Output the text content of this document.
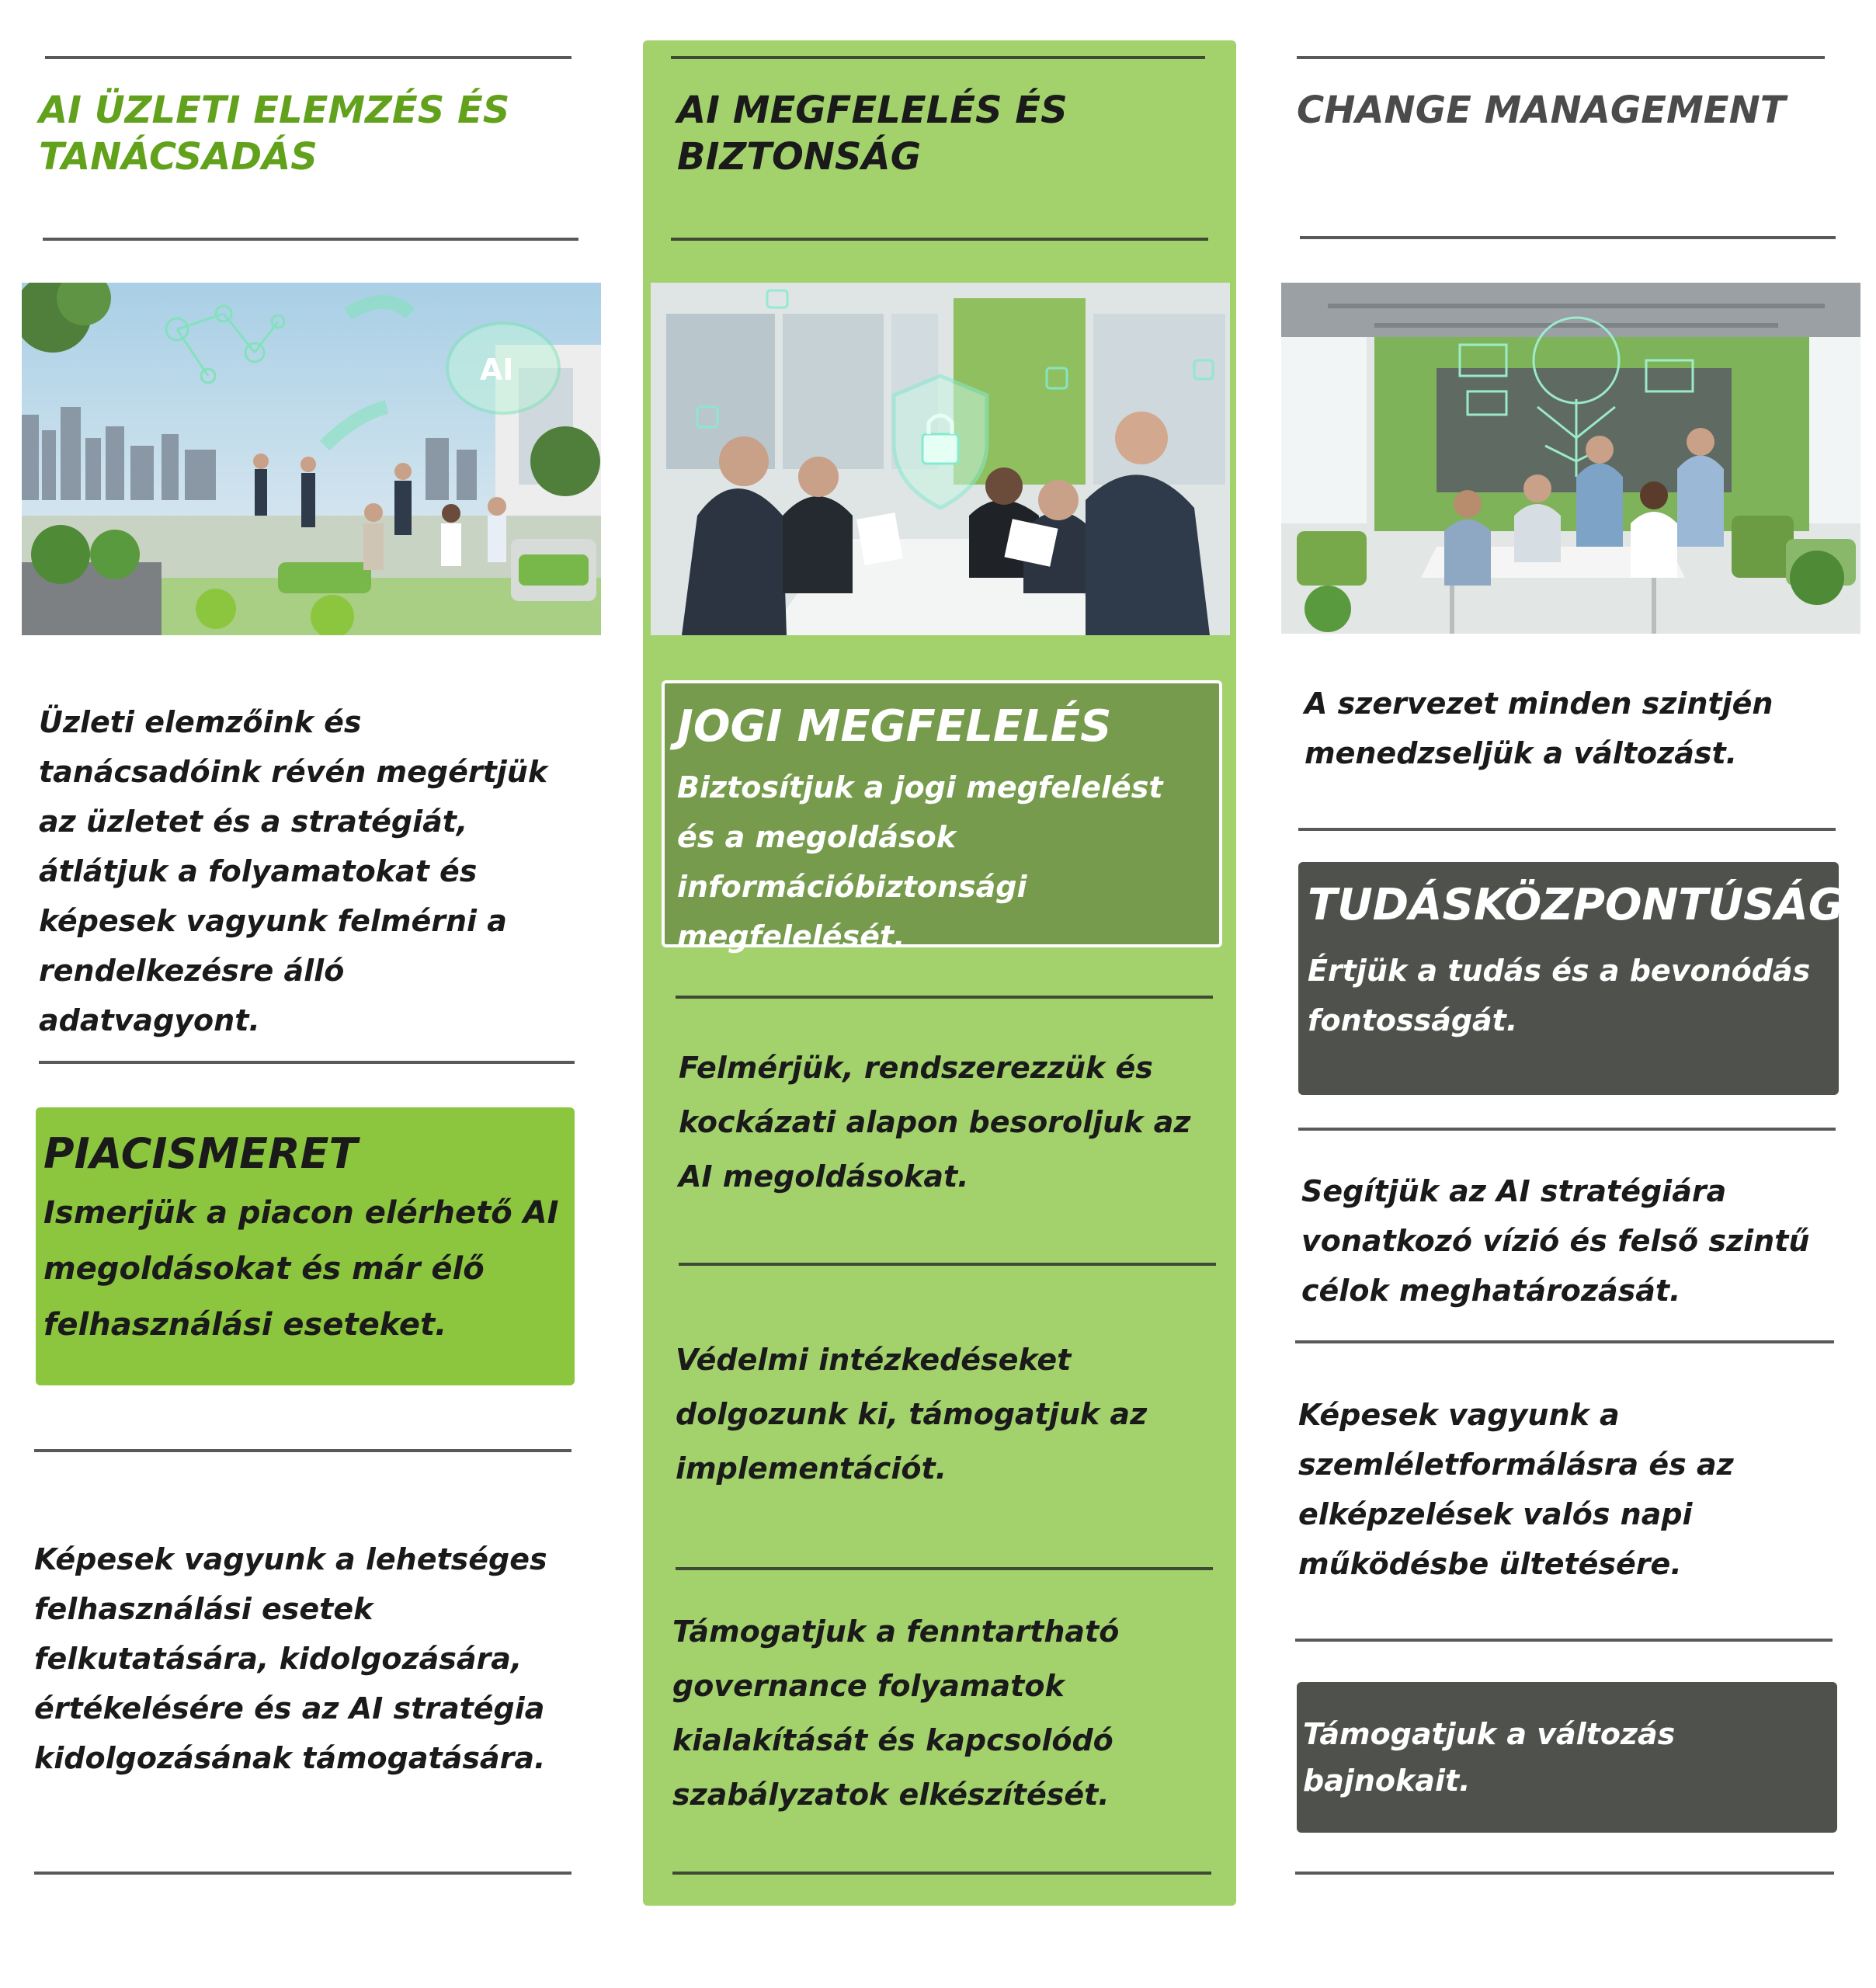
AI ÜZLETI ELEMZÉS ÉS TANÁCSADÁS
AI

Üzleti elemzőink és tanácsadóink révén megértjük az üzletet és a stratégiát, átlátjuk a folyamatokat és képesek vagyunk felmérni a rendelkezésre álló adatvagyont.

PIACISMERET

Ismerjük a piacon elérhető AI megoldásokat és már élő felhasználási eseteket.

Képesek vagyunk a lehetséges felhasználási esetek felkutatására, kidolgozására, értékelésére és az AI stratégia kidolgozásának támogatására.

AI MEGFELELÉS ÉS BIZTONSÁG
JOGI MEGFELELÉS

Biztosítjuk a jogi megfelelést és a megoldások információbiztonsági megfelelését.

Felmérjük, rendszerezzük és kockázati alapon besoroljuk az AI megoldásokat.

Védelmi intézkedéseket dolgozunk ki, támogatjuk az implementációt.

Támogatjuk a fenntartható governance folyamatok kialakítását és kapcsolódó szabályzatok elkészítését.

CHANGE MANAGEMENT

A szervezet minden szintjén menedzseljük a változást.

TUDÁSKÖZPONTÚSÁG

Értjük a tudás és a bevonódás fontosságát.

Segítjük az AI stratégiára vonatkozó vízió és felső szintű célok meghatározását.

Képesek vagyunk a szemléletformálásra és az elképzelések valós napi működésbe ültetésére.

Támogatjuk a változás bajnokait.
